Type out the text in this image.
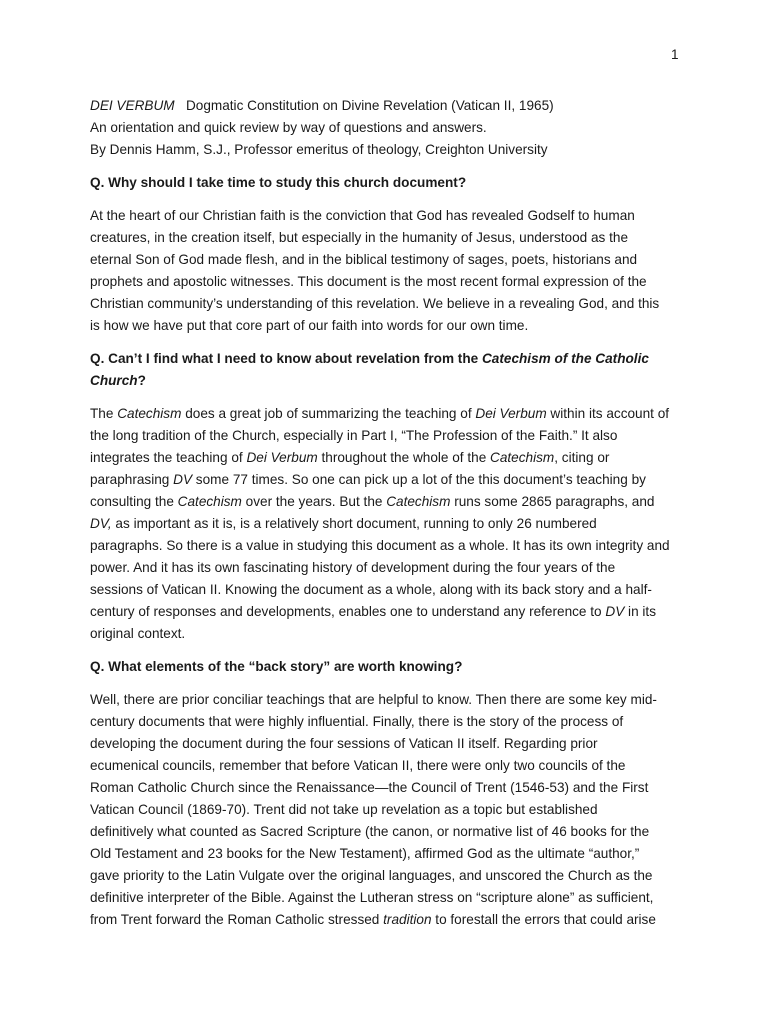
1
DEI VERBUM Dogmatic Constitution on Divine Revelation (Vatican II, 1965)
An orientation and quick review by way of questions and answers.
By Dennis Hamm, S.J., Professor emeritus of theology, Creighton University
Q. Why should I take time to study this church document?
At the heart of our Christian faith is the conviction that God has revealed Godself to human
creatures, in the creation itself, but especially in the humanity of Jesus, understood as the
eternal Son of God made flesh, and in the biblical testimony of sages, poets, historians and
prophets and apostolic witnesses. This document is the most recent formal expression of the
Christian community’s understanding of this revelation. We believe in a revealing God, and this
is how we have put that core part of our faith into words for our own time.
Q. Can’t I find what I need to know about revelation from the Catechism of the Catholic
Church?
The Catechism does a great job of summarizing the teaching of Dei Verbum within its account of
the long tradition of the Church, especially in Part I, “The Profession of the Faith.” It also
integrates the teaching of Dei Verbum throughout the whole of the Catechism, citing or
paraphrasing DV some 77 times. So one can pick up a lot of the this document’s teaching by
consulting the Catechism over the years. But the Catechism runs some 2865 paragraphs, and
DV, as important as it is, is a relatively short document, running to only 26 numbered
paragraphs. So there is a value in studying this document as a whole. It has its own integrity and
power. And it has its own fascinating history of development during the four years of the
sessions of Vatican II. Knowing the document as a whole, along with its back story and a half-
century of responses and developments, enables one to understand any reference to DV in its
original context.
Q. What elements of the “back story” are worth knowing?
Well, there are prior conciliar teachings that are helpful to know. Then there are some key mid-
century documents that were highly influential. Finally, there is the story of the process of
developing the document during the four sessions of Vatican II itself. Regarding prior
ecumenical councils, remember that before Vatican II, there were only two councils of the
Roman Catholic Church since the Renaissance—the Council of Trent (1546-53) and the First
Vatican Council (1869-70). Trent did not take up revelation as a topic but established
definitively what counted as Sacred Scripture (the canon, or normative list of 46 books for the
Old Testament and 23 books for the New Testament), affirmed God as the ultimate “author,”
gave priority to the Latin Vulgate over the original languages, and unscored the Church as the
definitive interpreter of the Bible. Against the Lutheran stress on “scripture alone” as sufficient,
from Trent forward the Roman Catholic stressed tradition to forestall the errors that could arise
